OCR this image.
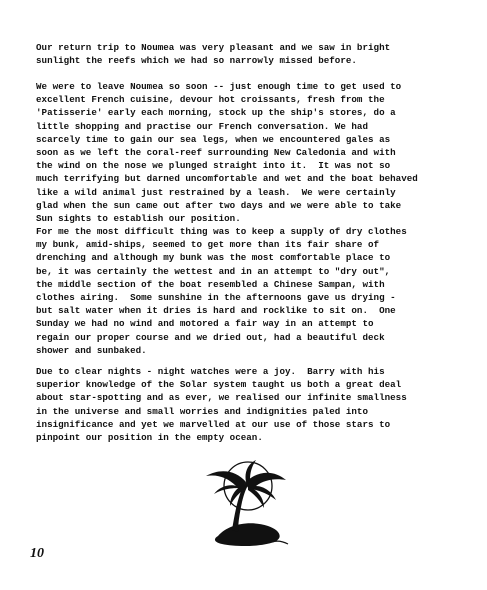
Our return trip to Noumea was very pleasant and we saw in bright
sunlight the reefs which we had so narrowly missed before.

We were to leave Noumea so soon -- just enough time to get used to
excellent French cuisine, devour hot croissants, fresh from the
'Patisserie' early each morning, stock up the ship's stores, do a
little shopping and practise our French conversation. We had
scarcely time to gain our sea legs, when we encountered gales as
soon as we left the coral-reef surrounding New Caledonia and with
the wind on the nose we plunged straight into it.  It was not so
much terrifying but darned uncomfortable and wet and the boat behaved
like a wild animal just restrained by a leash.  We were certainly
glad when the sun came out after two days and we were able to take
Sun sights to establish our position.

For me the most difficult thing was to keep a supply of dry clothes
my bunk, amid-ships, seemed to get more than its fair share of
drenching and although my bunk was the most comfortable place to
be, it was certainly the wettest and in an attempt to "dry out",
the middle section of the boat resembled a Chinese Sampan, with
clothes airing.  Some sunshine in the afternoons gave us drying -
but salt water when it dries is hard and rocklike to sit on.  One
Sunday we had no wind and motored a fair way in an attempt to
regain our proper course and we dried out, had a beautiful deck
shower and sunbaked.

Due to clear nights - night watches were a joy.  Barry with his
superior knowledge of the Solar system taught us both a great deal
about star-spotting and as ever, we realised our infinite smallness
in the universe and small worries and indignities paled into
insignificance and yet we marvelled at our use of those stars to
pinpoint our position in the empty ocean.

10
